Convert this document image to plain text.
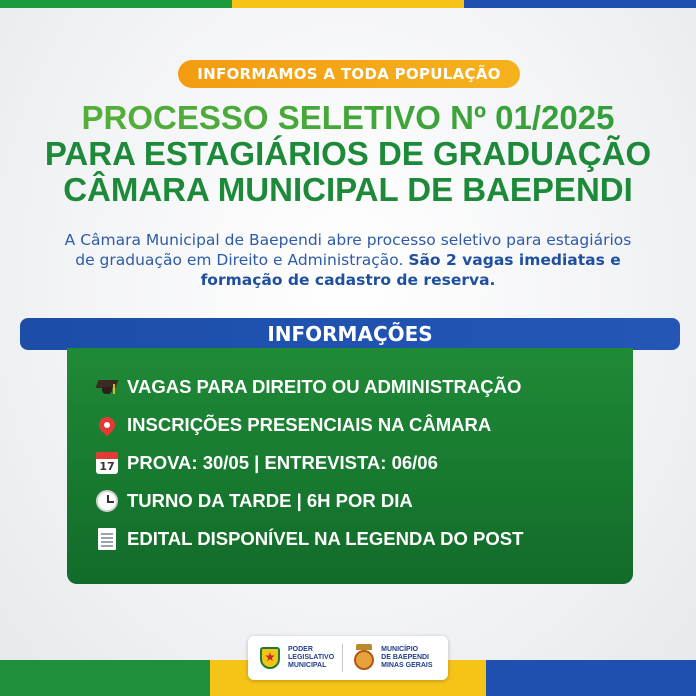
INFORMAMOS A TODA POPULAÇÃO
PROCESSO SELETIVO Nº 01/2025
PARA ESTAGIÁRIOS DE GRADUAÇÃO
CÂMARA MUNICIPAL DE BAEPENDI
A Câmara Municipal de Baependi abre processo seletivo para estagiários de graduação em Direito e Administração. São 2 vagas imediatas e formação de cadastro de reserva.
INFORMAÇÕES
VAGAS PARA DIREITO OU ADMINISTRAÇÃO
INSCRIÇÕES PRESENCIAIS NA CÂMARA
17 PROVA: 30/05 | ENTREVISTA: 06/06
TURNO DA TARDE | 6H POR DIA
EDITAL DISPONÍVEL NA LEGENDA DO POST
PODER
LEGISLATIVO
MUNICIPAL
MUNICÍPIO
DE BAEPENDI
MINAS GERAIS
